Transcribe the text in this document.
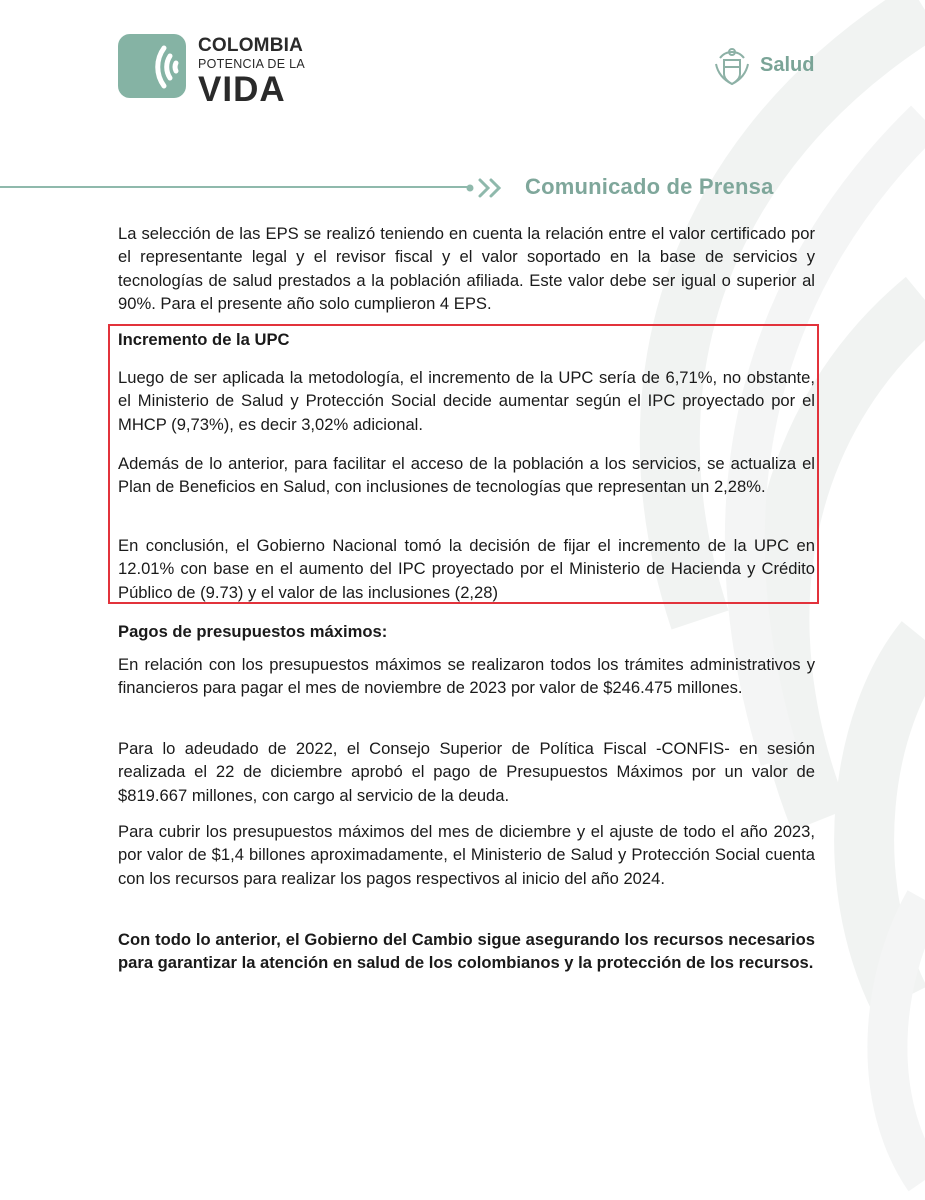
COLOMBIA
POTENCIA DE LA
VIDA
Salud
Comunicado de Prensa

La selección de las EPS se realizó teniendo en cuenta la relación entre el valor certificado por el representante legal y el revisor fiscal y el valor soportado en la base de servicios y tecnologías de salud prestados a la población afiliada. Este valor debe ser igual o superior al 90%. Para el presente año solo cumplieron 4 EPS.

Incremento de la UPC

Luego de ser aplicada la metodología, el incremento de la UPC sería de 6,71%, no obstante, el Ministerio de Salud y Protección Social decide aumentar según el IPC proyectado por el MHCP (9,73%), es decir 3,02% adicional.

Además de lo anterior, para facilitar el acceso de la población a los servicios, se actualiza el Plan de Beneficios en Salud, con inclusiones de tecnologías que representan un 2,28%.

En conclusión, el Gobierno Nacional tomó la decisión de fijar el incremento de la UPC en 12.01% con base en el aumento del IPC proyectado por el Ministerio de Hacienda y Crédito Público de (9.73) y el valor de las inclusiones (2,28)

Pagos de presupuestos máximos:

En relación con los presupuestos máximos se realizaron todos los trámites administrativos y financieros para pagar el mes de noviembre de 2023 por valor de $246.475 millones.

Para lo adeudado de 2022, el Consejo Superior de Política Fiscal -CONFIS- en sesión realizada el 22 de diciembre aprobó el pago de Presupuestos Máximos por un valor de $819.667 millones, con cargo al servicio de la deuda.

Para cubrir los presupuestos máximos del mes de diciembre y el ajuste de todo el año 2023, por valor de $1,4 billones aproximadamente, el Ministerio de Salud y Protección Social cuenta con los recursos para realizar los pagos respectivos al inicio del año 2024.

Con todo lo anterior, el Gobierno del Cambio sigue asegurando los recursos necesarios para garantizar la atención en salud de los colombianos y la protección de los recursos.
